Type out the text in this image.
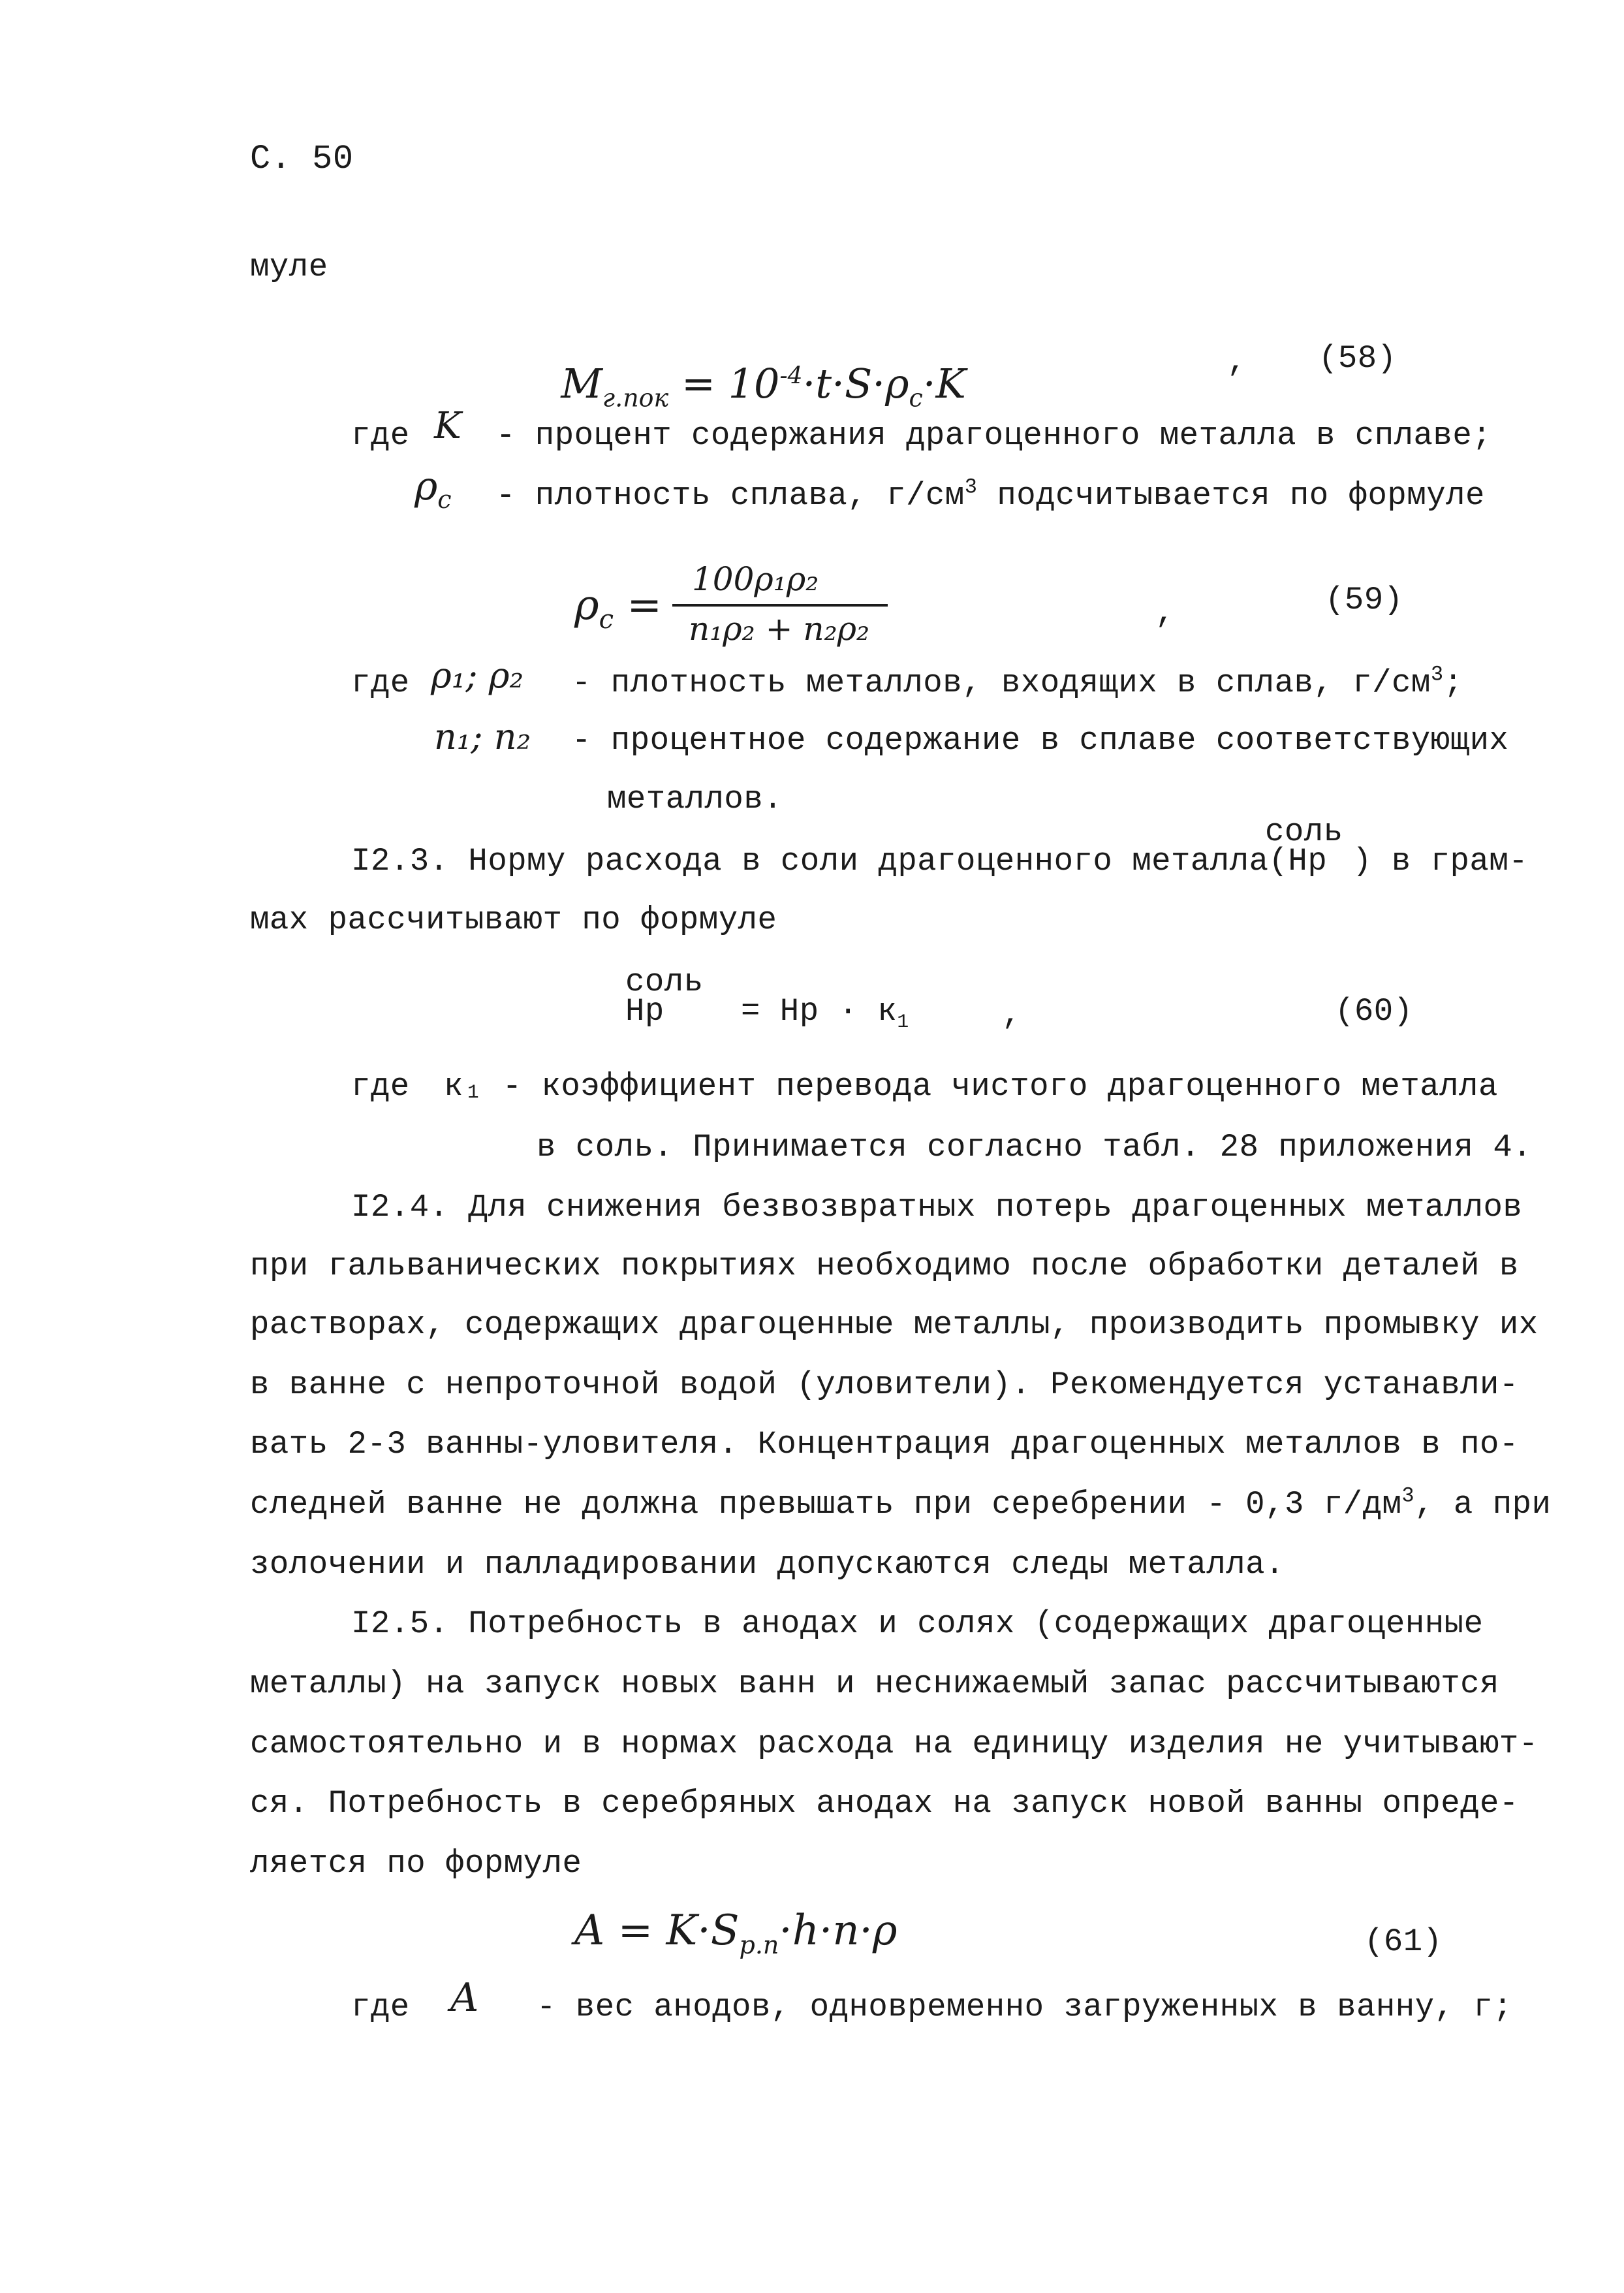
С. 50
муле

$M_{г.пок} = 10^{-4}\cdot t\cdot S\cdot\rho_c\cdot K$	, (58)
где K - процент содержания драгоценного металла в сплаве;
$\rho_c$ - плотность сплава, $г/см^3$ подсчитывается по формуле
$\rho_c$ =
100ρ₁ρ₂
n₁ρ₂ + n₂ρ₂	,	(59)
где ρ₁; ρ₂ - плотность металлов, входящих в сплав, $г/см^3$;
n₁; n₂ - процентное содержание в сплаве соответствующих
металлов.
соль
I2.3. Норму расхода в соли драгоценного металла(Нр ) в грам-
мах рассчитывают по формуле
соль
Нр = Нр · $к_1$	,	(60)
где к₁ - коэффициент перевода чистого драгоценного металла
в соль. Принимается согласно табл. 28 приложения 4.
I2.4. Для снижения безвозвратных потерь драгоценных металлов
при гальванических покрытиях необходимо после обработки деталей в
растворах, содержащих драгоценные металлы, производить промывку их
в ванне с непроточной водой (уловители). Рекомендуется устанавли-
вать 2-3 ванны-уловителя. Концентрация драгоценных металлов в по-
следней ванне не должна превышать при серебрении - 0,3 $г/дм^3$, а при
золочении и палладировании допускаются следы металла.
I2.5. Потребность в анодах и солях (содержащих драгоценные
металлы) на запуск новых ванн и неснижаемый запас рассчитываются
самостоятельно и в нормах расхода на единицу изделия не учитывают-
ся. Потребность в серебряных анодах на запуск новой ванны опреде-
ляется по формуле
$A = K\cdot S_{р.п}\cdot h\cdot n\cdot\rho$	(61)
где A - вес анодов, одновременно загруженных в ванну, г;
